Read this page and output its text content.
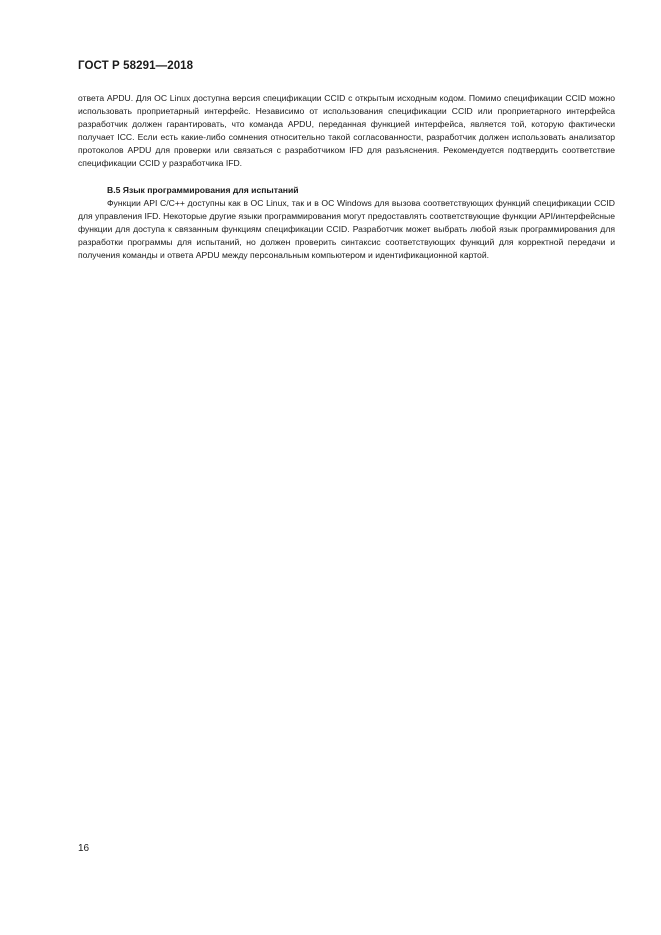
ГОСТ Р 58291—2018

ответа APDU. Для ОС Linux доступна версия спецификации CCID с открытым исходным кодом. Помимо спецификации CCID можно использовать проприетарный интерфейс. Независимо от использования спецификации CCID или проприетарного интерфейса разработчик должен гарантировать, что команда APDU, переданная функцией интерфейса, является той, которую фактически получает ICC. Если есть какие-либо сомнения относительно такой согласованности, разработчик должен использовать анализатор протоколов APDU для проверки или связаться с разработчиком IFD для разъяснения. Рекомендуется подтвердить соответствие спецификации CCID у разработчика IFD.

В.5 Язык программирования для испытаний

Функции API C/C++ доступны как в ОС Linux, так и в ОС Windows для вызова соответствующих функций спецификации CCID для управления IFD. Некоторые другие языки программирования могут предоставлять соответствующие функции API/интерфейсные функции для доступа к связанным функциям спецификации CCID. Разработчик может выбрать любой язык программирования для разработки программы для испытаний, но должен проверить синтаксис соответствующих функций для корректной передачи и получения команды и ответа APDU между персональным компьютером и идентификационной картой.

16
